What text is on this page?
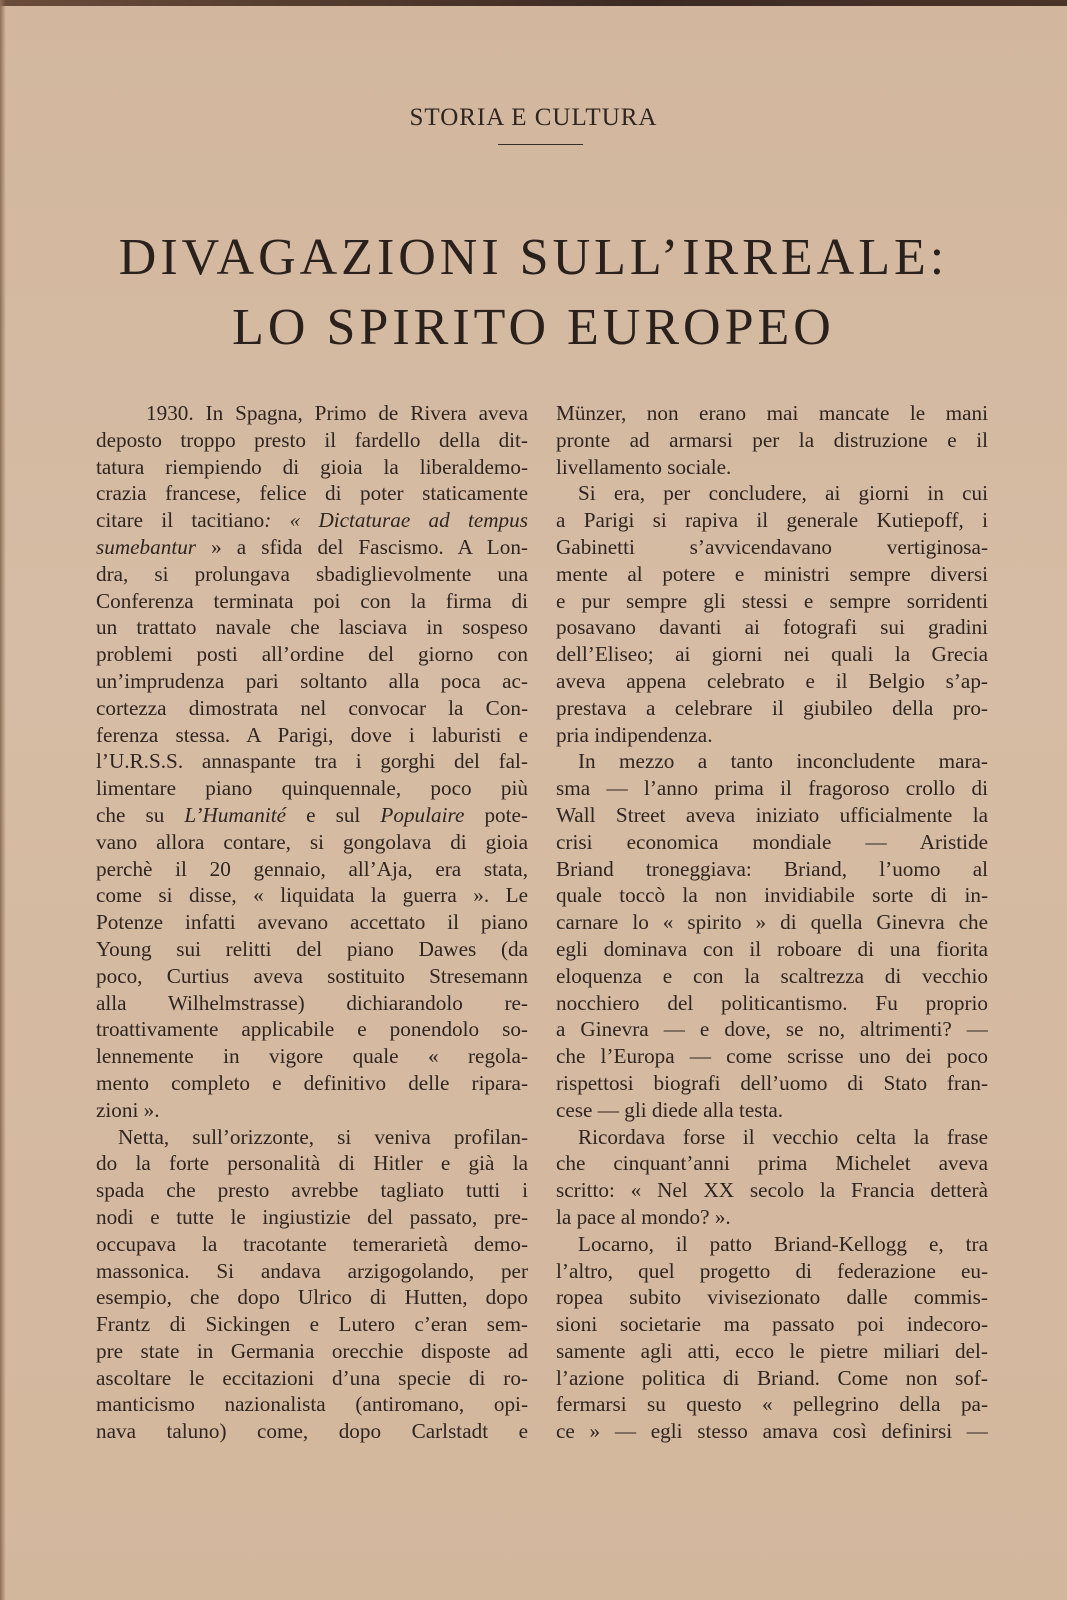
STORIA E CULTURA
DIVAGAZIONI SULL’IRREALE:
LO SPIRITO EUROPEO
1930. In Spagna, Primo de Rivera aveva
deposto troppo presto il fardello della dit-
tatura riempiendo di gioia la liberaldemo-
crazia francese, felice di poter staticamente
citare il tacitiano: « Dictaturae ad tempus
sumebantur » a sfida del Fascismo. A Lon-
dra, si prolungava sbadiglievolmente una
Conferenza terminata poi con la firma di
un trattato navale che lasciava in sospeso
problemi posti all’ordine del giorno con
un’imprudenza pari soltanto alla poca ac-
cortezza dimostrata nel convocar la Con-
ferenza stessa. A Parigi, dove i laburisti e
l’U.R.S.S. annaspante tra i gorghi del fal-
limentare piano quinquennale, poco più
che su L’Humanité e sul Populaire pote-
vano allora contare, si gongolava di gioia
perchè il 20 gennaio, all’Aja, era stata,
come si disse, « liquidata la guerra ». Le
Potenze infatti avevano accettato il piano
Young sui relitti del piano Dawes (da
poco, Curtius aveva sostituito Stresemann
alla Wilhelmstrasse) dichiarandolo re-
troattivamente applicabile e ponendolo so-
lennemente in vigore quale « regola-
mento completo e definitivo delle ripara-
zioni ».
Netta, sull’orizzonte, si veniva profilan-
do la forte personalità di Hitler e già la
spada che presto avrebbe tagliato tutti i
nodi e tutte le ingiustizie del passato, pre-
occupava la tracotante temerarietà demo-
massonica. Si andava arzigogolando, per
esempio, che dopo Ulrico di Hutten, dopo
Frantz di Sickingen e Lutero c’eran sem-
pre state in Germania orecchie disposte ad
ascoltare le eccitazioni d’una specie di ro-
manticismo nazionalista (antiromano, opi-
nava taluno) come, dopo Carlstadt e
Münzer, non erano mai mancate le mani
pronte ad armarsi per la distruzione e il
livellamento sociale.
Si era, per concludere, ai giorni in cui
a Parigi si rapiva il generale Kutiepoff, i
Gabinetti s’avvicendavano vertiginosa-
mente al potere e ministri sempre diversi
e pur sempre gli stessi e sempre sorridenti
posavano davanti ai fotografi sui gradini
dell’Eliseo; ai giorni nei quali la Grecia
aveva appena celebrato e il Belgio s’ap-
prestava a celebrare il giubileo della pro-
pria indipendenza.
In mezzo a tanto inconcludente mara-
sma — l’anno prima il fragoroso crollo di
Wall Street aveva iniziato ufficialmente la
crisi economica mondiale — Aristide
Briand troneggiava: Briand, l’uomo al
quale toccò la non invidiabile sorte di in-
carnare lo « spirito » di quella Ginevra che
egli dominava con il roboare di una fiorita
eloquenza e con la scaltrezza di vecchio
nocchiero del politicantismo. Fu proprio
a Ginevra — e dove, se no, altrimenti? —
che l’Europa — come scrisse uno dei poco
rispettosi biografi dell’uomo di Stato fran-
cese — gli diede alla testa.
Ricordava forse il vecchio celta la frase
che cinquant’anni prima Michelet aveva
scritto: « Nel XX secolo la Francia detterà
la pace al mondo? ».
Locarno, il patto Briand-Kellogg e, tra
l’altro, quel progetto di federazione eu-
ropea subito vivisezionato dalle commis-
sioni societarie ma passato poi indecoro-
samente agli atti, ecco le pietre miliari del-
l’azione politica di Briand. Come non sof-
fermarsi su questo « pellegrino della pa-
ce » — egli stesso amava così definirsi —
